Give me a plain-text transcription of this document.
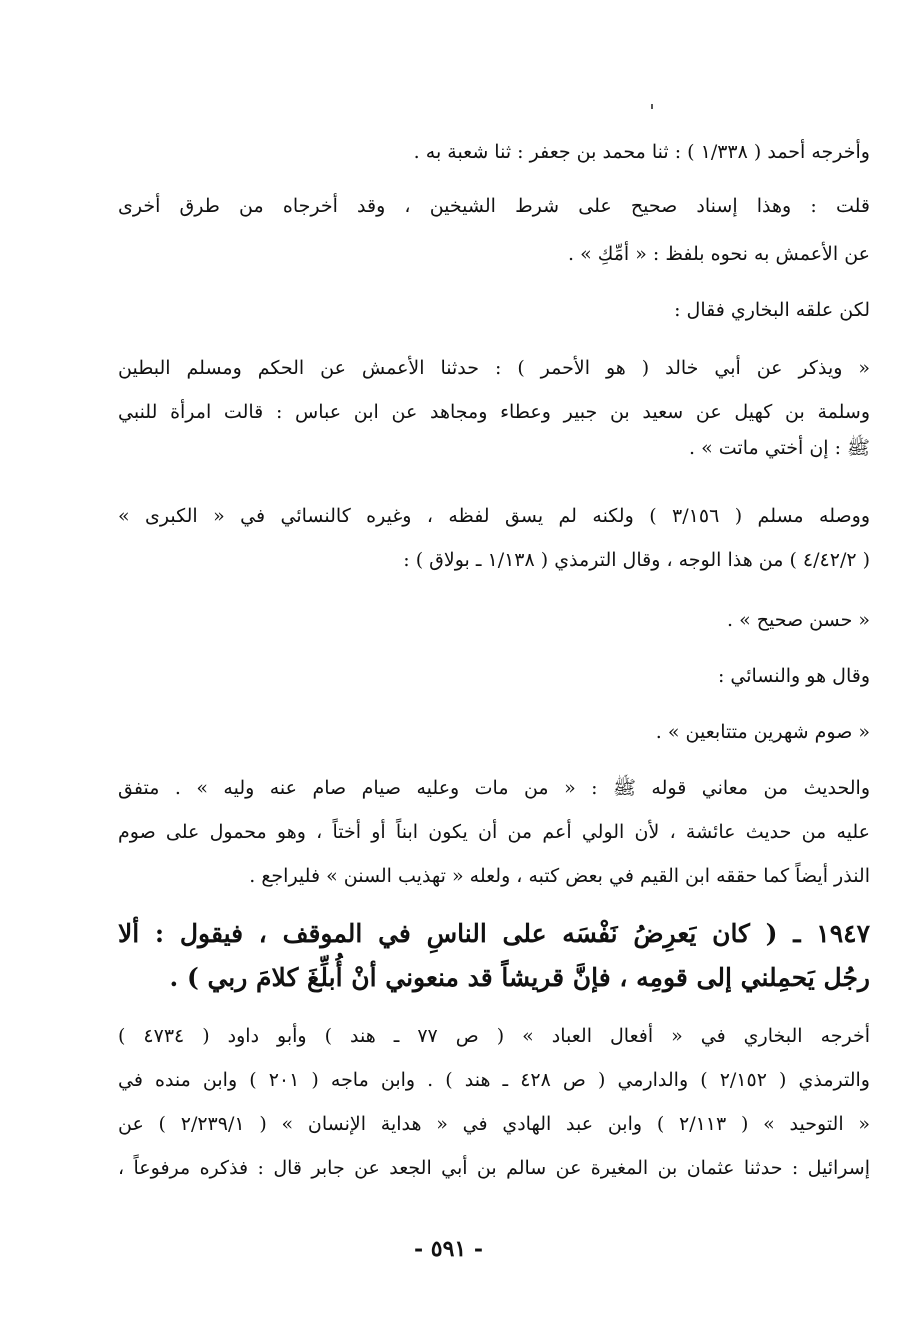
وأخرجه أحمد ( ١/٣٣٨ ) : ثنا محمد بن جعفر : ثنا شعبة به .

قلت : وهذا إسناد صحيح على شرط الشيخين ، وقد أخرجاه من طرق أخرى

عن الأعمش به نحوه بلفظ : « أمِّكِ » .

لكن علقه البخاري فقال :

« ويذكر عن أبي خالد ( هو الأحمر ) : حدثنا الأعمش عن الحكم ومسلم البطين

وسلمة بن كهيل عن سعيد بن جبير وعطاء ومجاهد عن ابن عباس : قالت امرأة للنبي

ﷺ : إن أختي ماتت » .

ووصله مسلم ( ٣/١٥٦ ) ولكنه لم يسق لفظه ، وغيره كالنسائي في « الكبرى »

( ٤/٤٢/٢ ) من هذا الوجه ، وقال الترمذي ( ١/١٣٨ ـ بولاق ) :

« حسن صحيح » .

وقال هو والنسائي :

« صوم شهرين متتابعين » .

والحديث من معاني قوله ﷺ : « من مات وعليه صيام صام عنه وليه » . متفق

عليه من حديث عائشة ، لأن الولي أعم من أن يكون ابناً أو أختاً ، وهو محمول على صوم

النذر أيضاً كما حققه ابن القيم في بعض كتبه ، ولعله « تهذيب السنن » فليراجع .

١٩٤٧ ـ ( كان يَعرِضُ نَفْسَه على الناسِ في الموقف ، فيقول : ألا

رجُل يَحمِلني إلى قومِه ، فإنَّ قريشاً قد منعوني أنْ أُبلِّغَ كلامَ ربي ) .

أخرجه البخاري في « أفعال العباد » ( ص ٧٧ ـ هند ) وأبو داود ( ٤٧٣٤ )

والترمذي ( ٢/١٥٢ ) والدارمي ( ص ٤٢٨ ـ هند ) . وابن ماجه ( ٢٠١ ) وابن منده في

« التوحيد » ( ٢/١١٣ ) وابن عبد الهادي في « هداية الإنسان » ( ٢/٢٣٩/١ ) عن

إسرائيل : حدثنا عثمان بن المغيرة عن سالم بن أبي الجعد عن جابر قال : فذكره مرفوعاً ،

- ٥٩١ -
